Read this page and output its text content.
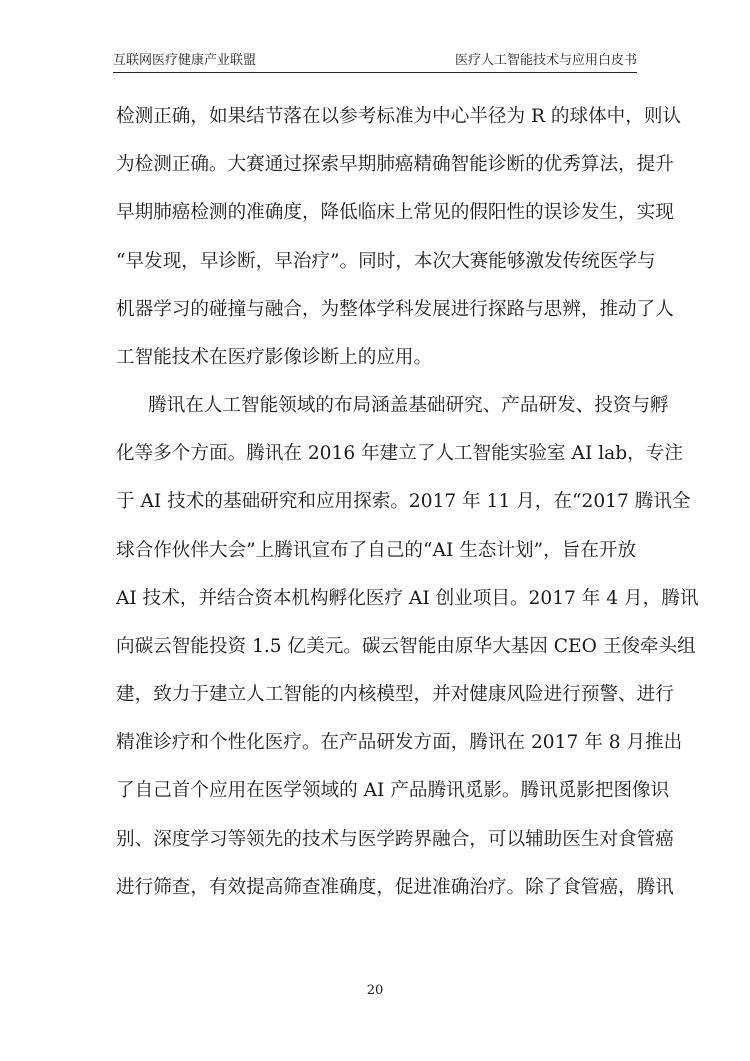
互联网医疗健康产业联盟	医疗人工智能技术与应用白皮书
检测正确，如果结节落在以参考标准为中心半径为 R 的球体中，则认
为检测正确。大赛通过探索早期肺癌精确智能诊断的优秀算法，提升
早期肺癌检测的准确度，降低临床上常见的假阳性的误诊发生，实现
“早发现，早诊断，早治疗”。同时，本次大赛能够激发传统医学与
机器学习的碰撞与融合，为整体学科发展进行探路与思辨，推动了人
工智能技术在医疗影像诊断上的应用。
腾讯在人工智能领域的布局涵盖基础研究、产品研发、投资与孵
化等多个方面。腾讯在 2016 年建立了人工智能实验室 AI lab，专注
于 AI 技术的基础研究和应用探索。2017 年 11 月，在“2017 腾讯全
球合作伙伴大会”上腾讯宣布了自己的“AI 生态计划”，旨在开放
AI 技术，并结合资本机构孵化医疗 AI 创业项目。2017 年 4 月，腾讯
向碳云智能投资 1.5 亿美元。碳云智能由原华大基因 CEO 王俊牵头组
建，致力于建立人工智能的内核模型，并对健康风险进行预警、进行
精准诊疗和个性化医疗。在产品研发方面，腾讯在 2017 年 8 月推出
了自己首个应用在医学领域的 AI 产品腾讯觅影。腾讯觅影把图像识
别、深度学习等领先的技术与医学跨界融合，可以辅助医生对食管癌
进行筛查，有效提高筛查准确度，促进准确治疗。除了食管癌，腾讯
20
